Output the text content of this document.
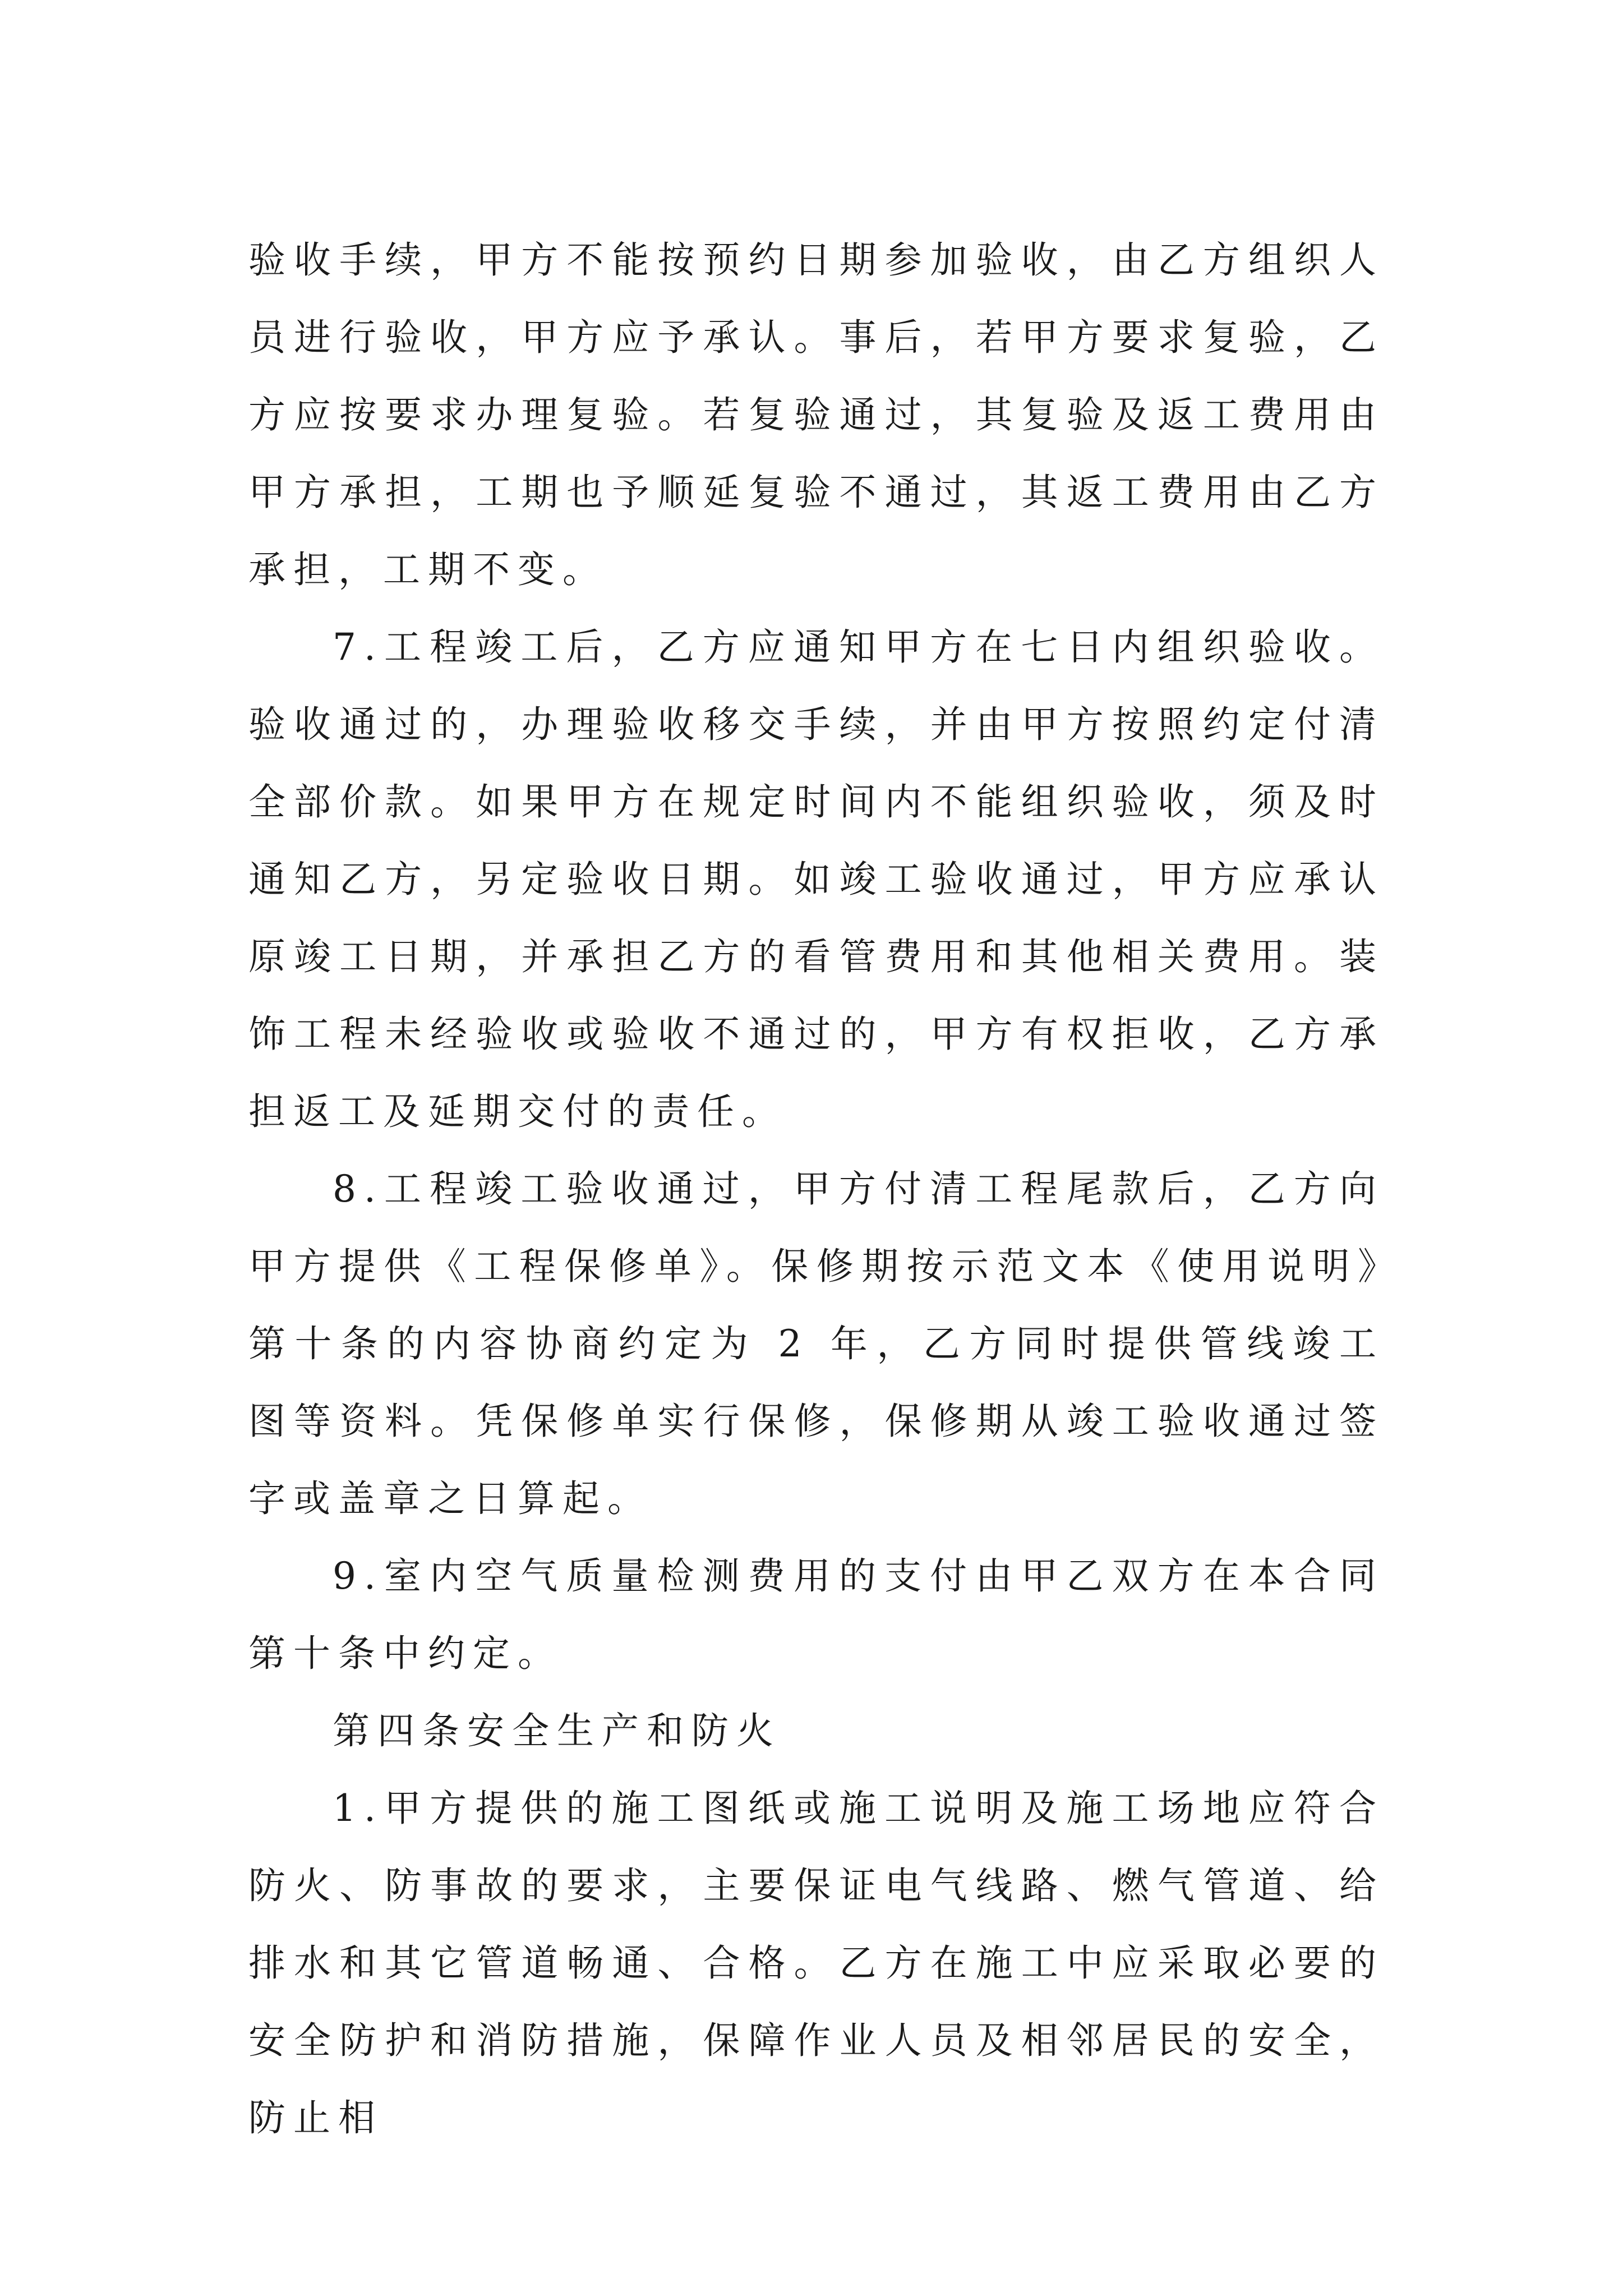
验收手续，甲方不能按预约日期参加验收，由乙方组织人员进行验收，甲方应予承认。事后，若甲方要求复验，乙方应按要求办理复验。若复验通过，其复验及返工费用由甲方承担，工期也予顺延复验不通过，其返工费用由乙方承担，工期不变。

7.工程竣工后，乙方应通知甲方在七日内组织验收。验收通过的，办理验收移交手续，并由甲方按照约定付清全部价款。如果甲方在规定时间内不能组织验收，须及时通知乙方，另定验收日期。如竣工验收通过，甲方应承认原竣工日期，并承担乙方的看管费用和其他相关费用。装饰工程未经验收或验收不通过的，甲方有权拒收，乙方承担返工及延期交付的责任。

8.工程竣工验收通过，甲方付清工程尾款后，乙方向甲方提供《工程保修单》。保修期按示范文本《使用说明》第十条的内容协商约定为 2 年，乙方同时提供管线竣工图等资料。凭保修单实行保修，保修期从竣工验收通过签字或盖章之日算起。

9.室内空气质量检测费用的支付由甲乙双方在本合同第十条中约定。

第四条安全生产和防火

1.甲方提供的施工图纸或施工说明及施工场地应符合防火、防事故的要求，主要保证电气线路、燃气管道、给排水和其它管道畅通、合格。乙方在施工中应采取必要的安全防护和消防措施，保障作业人员及相邻居民的安全，防止相
